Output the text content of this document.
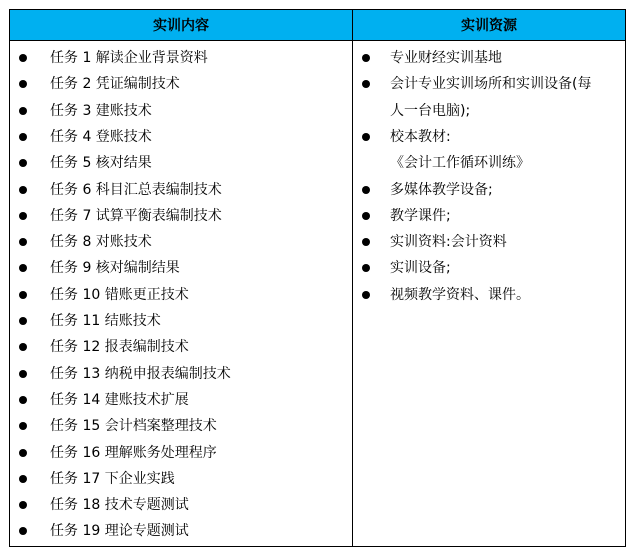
实训内容	实训资源
任务 1 解读企业背景资料
任务 2 凭证编制技术
任务 3 建账技术
任务 4 登账技术
任务 5 核对结果
任务 6 科目汇总表编制技术
任务 7 试算平衡表编制技术
任务 8 对账技术
任务 9 核对编制结果
任务 10 错账更正技术
任务 11 结账技术
任务 12 报表编制技术
任务 13 纳税申报表编制技术
任务 14 建账技术扩展
任务 15 会计档案整理技术
任务 16 理解账务处理程序
任务 17 下企业实践
任务 18 技术专题测试
任务 19 理论专题测试
专业财经实训基地
会计专业实训场所和实训设备(每
人一台电脑);
校本教材:
《会计工作循环训练》
多媒体教学设备;
教学课件;
实训资料:会计资料
实训设备;
视频教学资料、课件。
